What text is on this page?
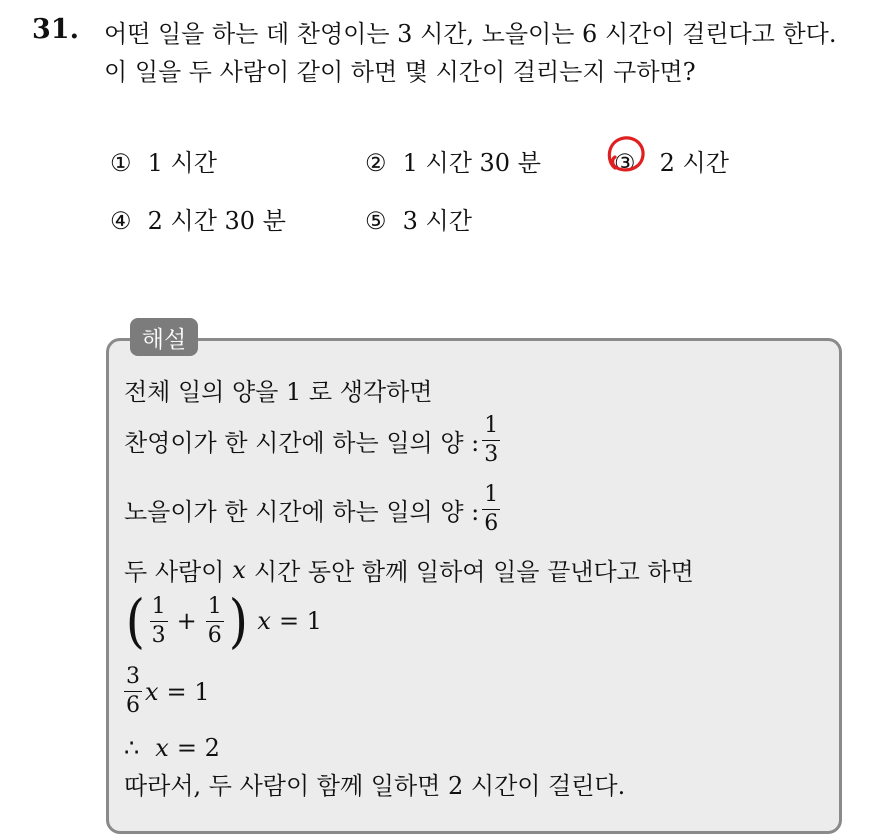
31. 어떤 일을 하는 데 찬영이는 3 시간, 노을이는 6 시간이 걸린다고 한다.
이 일을 두 사람이 같이 하면 몇 시간이 걸리는지 구하면?
① 1 시간	② 1 시간 30 분	③ 2 시간
④ 2 시간 30 분	⑤ 3 시간
해설
전체 일의 양을 1 로 생각하면
찬영이가 한 시간에 하는 일의 양 : $\frac{1}{3}$
노을이가 한 시간에 하는 일의 양 : $\frac{1}{6}$
두 사람이 x 시간 동안 함께 일하여 일을 끝낸다고 하면
( $\frac{1}{3} + \frac{1}{6}$ ) x = 1
$\frac{3}{6}$ x = 1
∴ x = 2
따라서, 두 사람이 함께 일하면 2 시간이 걸린다.
